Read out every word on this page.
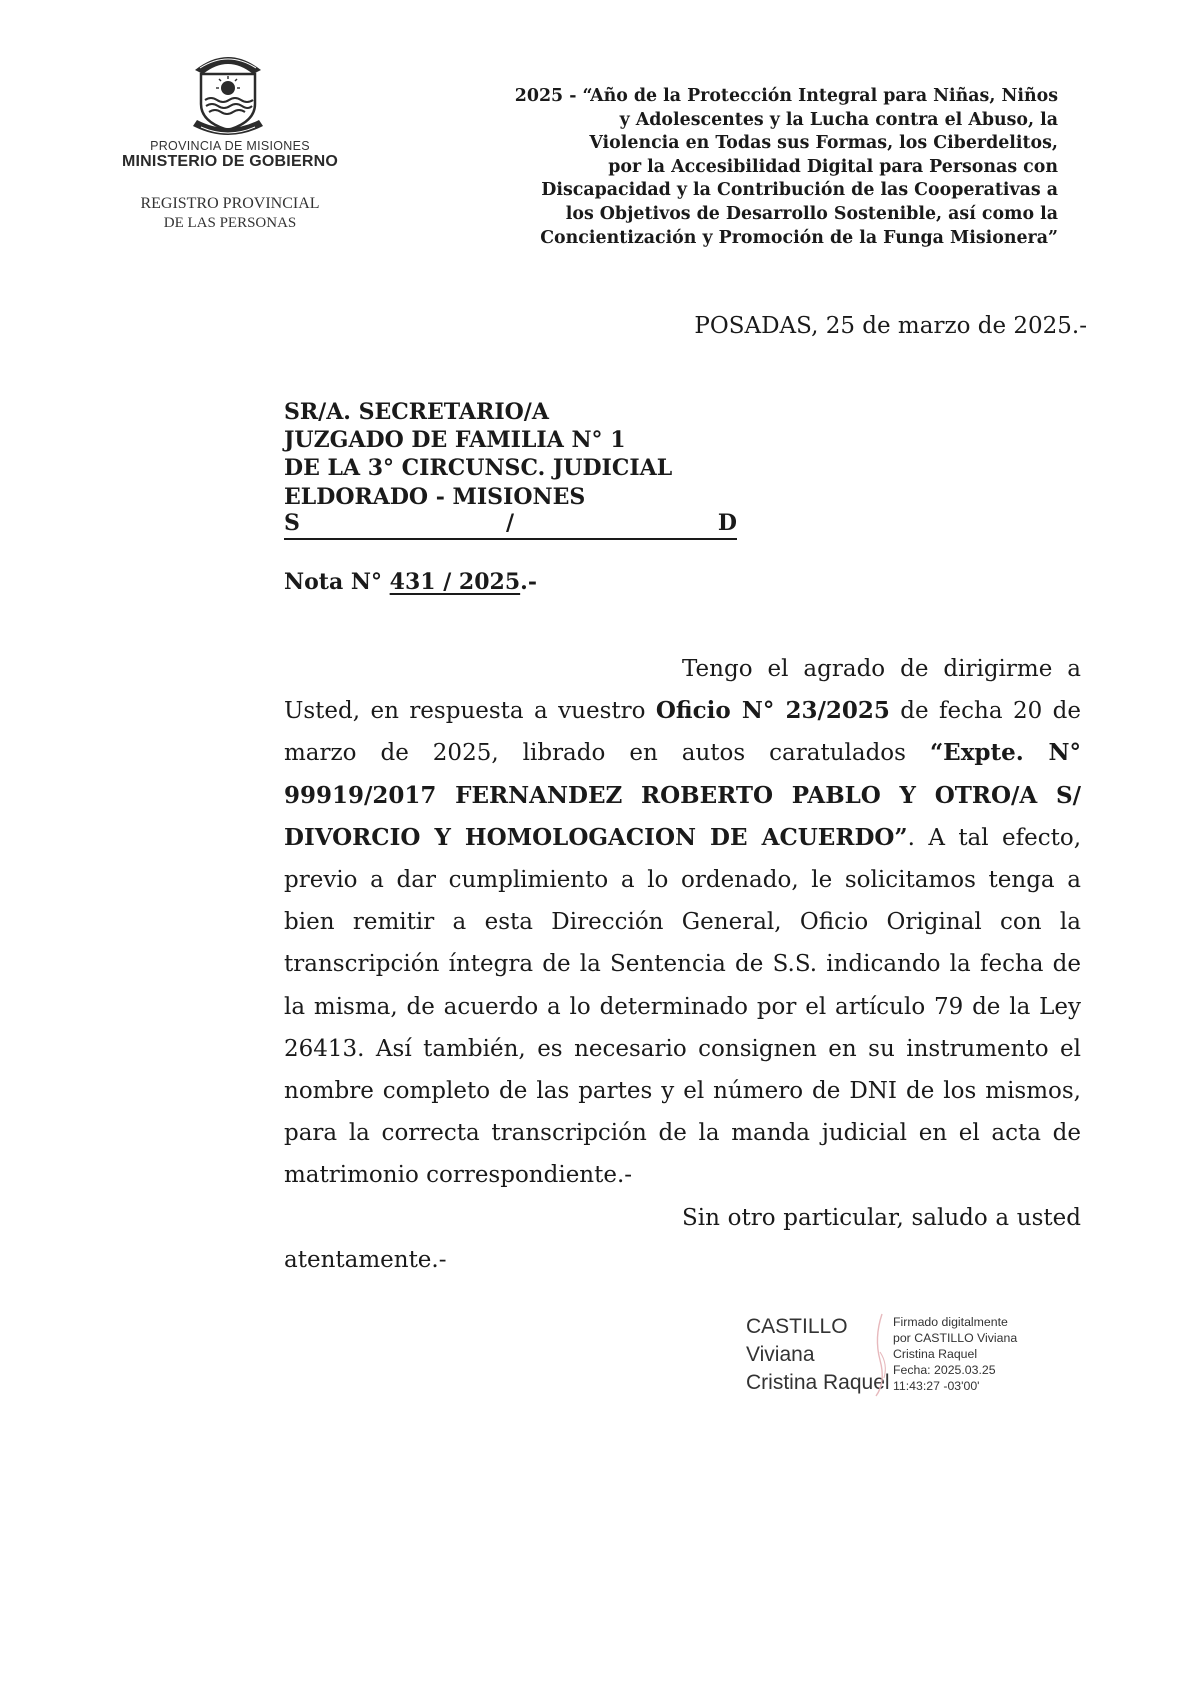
PROVINCIA DE MISIONES
MINISTERIO DE GOBIERNO
REGISTRO PROVINCIAL
DE LAS PERSONAS
2025 - “Año de la Protección Integral para Niñas, Niños
y Adolescentes y la Lucha contra el Abuso, la
Violencia en Todas sus Formas, los Ciberdelitos,
por la Accesibilidad Digital para Personas con
Discapacidad y la Contribución de las Cooperativas a
los Objetivos de Desarrollo Sostenible, así como la
Concientización y Promoción de la Funga Misionera”
POSADAS, 25 de marzo de 2025.-
SR/A. SECRETARIO/A
JUZGADO DE FAMILIA N° 1
DE LA 3° CIRCUNSC. JUDICIAL
ELDORADO - MISIONES
S	/	D
Nota N° 431 / 2025.-

Tengo el agrado de dirigirme a Usted, en respuesta a vuestro Oficio N° 23/2025 de fecha 20 de marzo de 2025, librado en autos caratulados “Expte. N° 99919/2017 FERNANDEZ ROBERTO PABLO Y OTRO/A S/ DIVORCIO Y HOMOLOGACION DE ACUERDO”. A tal efecto, previo a dar cumplimiento a lo ordenado, le solicitamos tenga a bien remitir a esta Dirección General, Oficio Original con la transcripción íntegra de la Sentencia de S.S. indicando la fecha de la misma, de acuerdo a lo determinado por el artículo 79 de la Ley 26413. Así también, es necesario consignen en su instrumento el nombre completo de las partes y el número de DNI de los mismos, para la correcta transcripción de la manda judicial en el acta de matrimonio correspondiente.-

Sin otro particular, saludo a usted atentamente.-

CASTILLO
Viviana
Cristina Raquel
Firmado digitalmente
por CASTILLO Viviana
Cristina Raquel
Fecha: 2025.03.25
11:43:27 -03'00'
